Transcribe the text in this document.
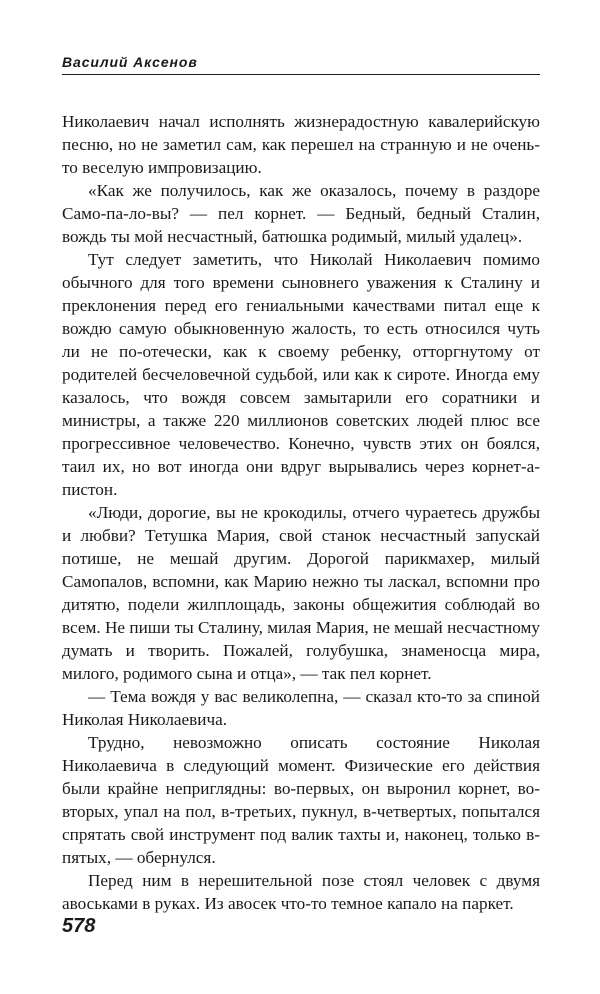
Василий Аксенов

Николаевич начал исполнять жизнерадостную кавалерийскую песню, но не заметил сам, как перешел на странную и не очень-то веселую импровизацию.

«Как же получилось, как же оказалось, почему в раздоре Само-па-ло-вы? — пел корнет. — Бедный, бедный Сталин, вождь ты мой несчастный, батюшка родимый, милый удалец».

Тут следует заметить, что Николай Николаевич помимо обычного для того времени сыновнего уважения к Сталину и преклонения перед его гениальными качествами питал еще к вождю самую обыкновенную жалость, то есть относился чуть ли не по-отечески, как к своему ребенку, отторгнутому от родителей бесчеловечной судьбой, или как к сироте. Иногда ему казалось, что вождя совсем замытарили его соратники и министры, а также 220 миллионов советских людей плюс все прогрессивное человечество. Конечно, чувств этих он боялся, таил их, но вот иногда они вдруг вырывались через корнет-а-пистон.

«Люди, дорогие, вы не крокодилы, отчего чураетесь дружбы и любви? Тетушка Мария, свой станок несчастный запускай потише, не мешай другим. Дорогой парикмахер, милый Самопалов, вспомни, как Марию нежно ты ласкал, вспомни про дитятю, подели жилплощадь, законы общежития соблюдай во всем. Не пиши ты Сталину, милая Мария, не мешай несчастному думать и творить. Пожалей, голубушка, знаменосца мира, милого, родимого сына и отца», — так пел корнет.

— Тема вождя у вас великолепна, — сказал кто-то за спиной Николая Николаевича.

Трудно, невозможно описать состояние Николая Николаевича в следующий момент. Физические его действия были крайне неприглядны: во-первых, он выронил корнет, во-вторых, упал на пол, в-третьих, пукнул, в-четвертых, попытался спрятать свой инструмент под валик тахты и, наконец, только в-пятых, — обернулся.

Перед ним в нерешительной позе стоял человек с двумя авоськами в руках. Из авосек что-то темное капало на паркет.

578
